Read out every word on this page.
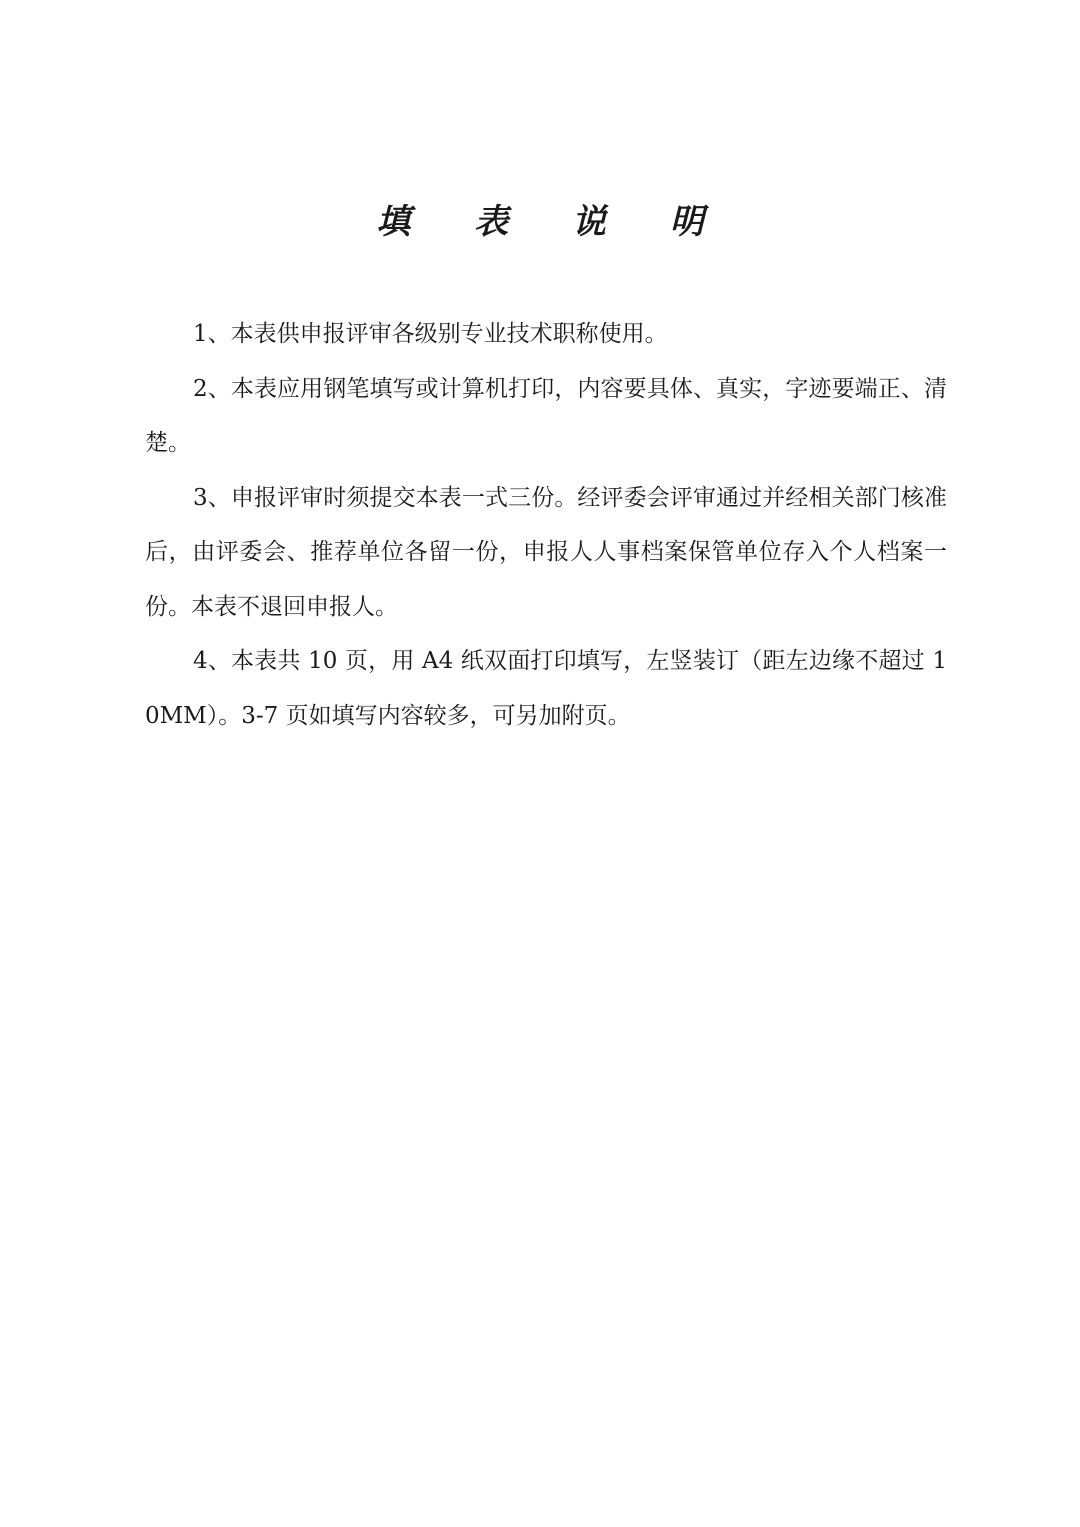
填 表 说 明

1、本表供申报评审各级别专业技术职称使用。

2、本表应用钢笔填写或计算机打印，内容要具体、真实，字迹要端正、清楚。

3、申报评审时须提交本表一式三份。经评委会评审通过并经相关部门核准后，由评委会、推荐单位各留一份，申报人人事档案保管单位存入个人档案一份。本表不退回申报人。

4、本表共 10 页，用 A4 纸双面打印填写，左竖装订（距左边缘不超过 10MM）。3-7 页如填写内容较多，可另加附页。
